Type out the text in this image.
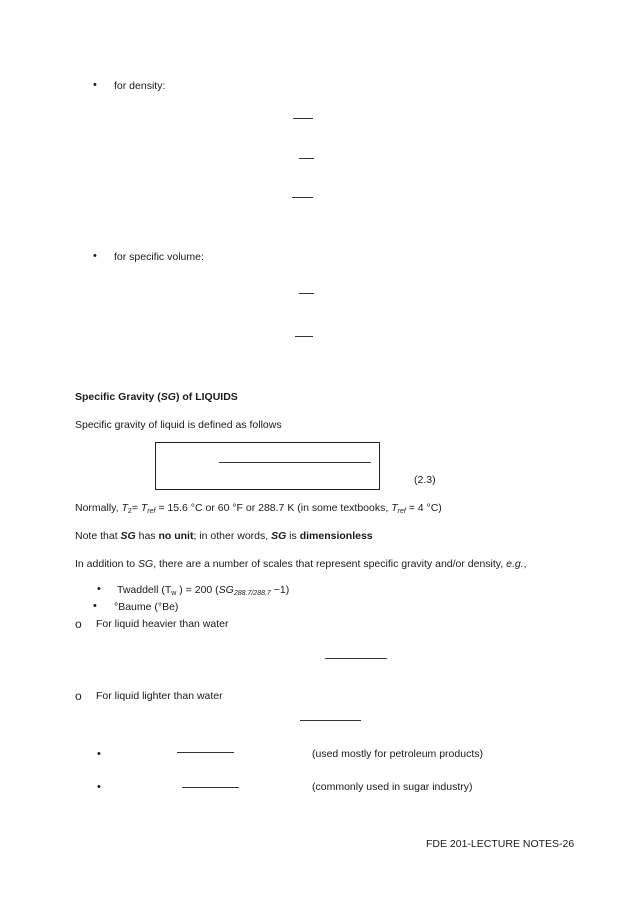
• for density:
• for specific volume:
Specific Gravity (SG) of LIQUIDS
Specific gravity of liquid is defined as follows
(2.3)
Normally, $T_2= T_{ref} = 15.6$ °C or 60 °F or 288.7 K (in some textbooks, $T_{ref} = 4$ °C)
Note that SG has no unit; in other words, SG is dimensionless
In addition to SG, there are a number of scales that represent specific gravity and/or density, e.g.,
• Twaddell ($T_w$ ) = 200 $(SG_{288.7/288.7} -1)$
• °Baume (°Be)
o For liquid heavier than water
o For liquid lighter than water
•	(used mostly for petroleum products)
•	(commonly used in sugar industry)
FDE 201-LECTURE NOTES-26
